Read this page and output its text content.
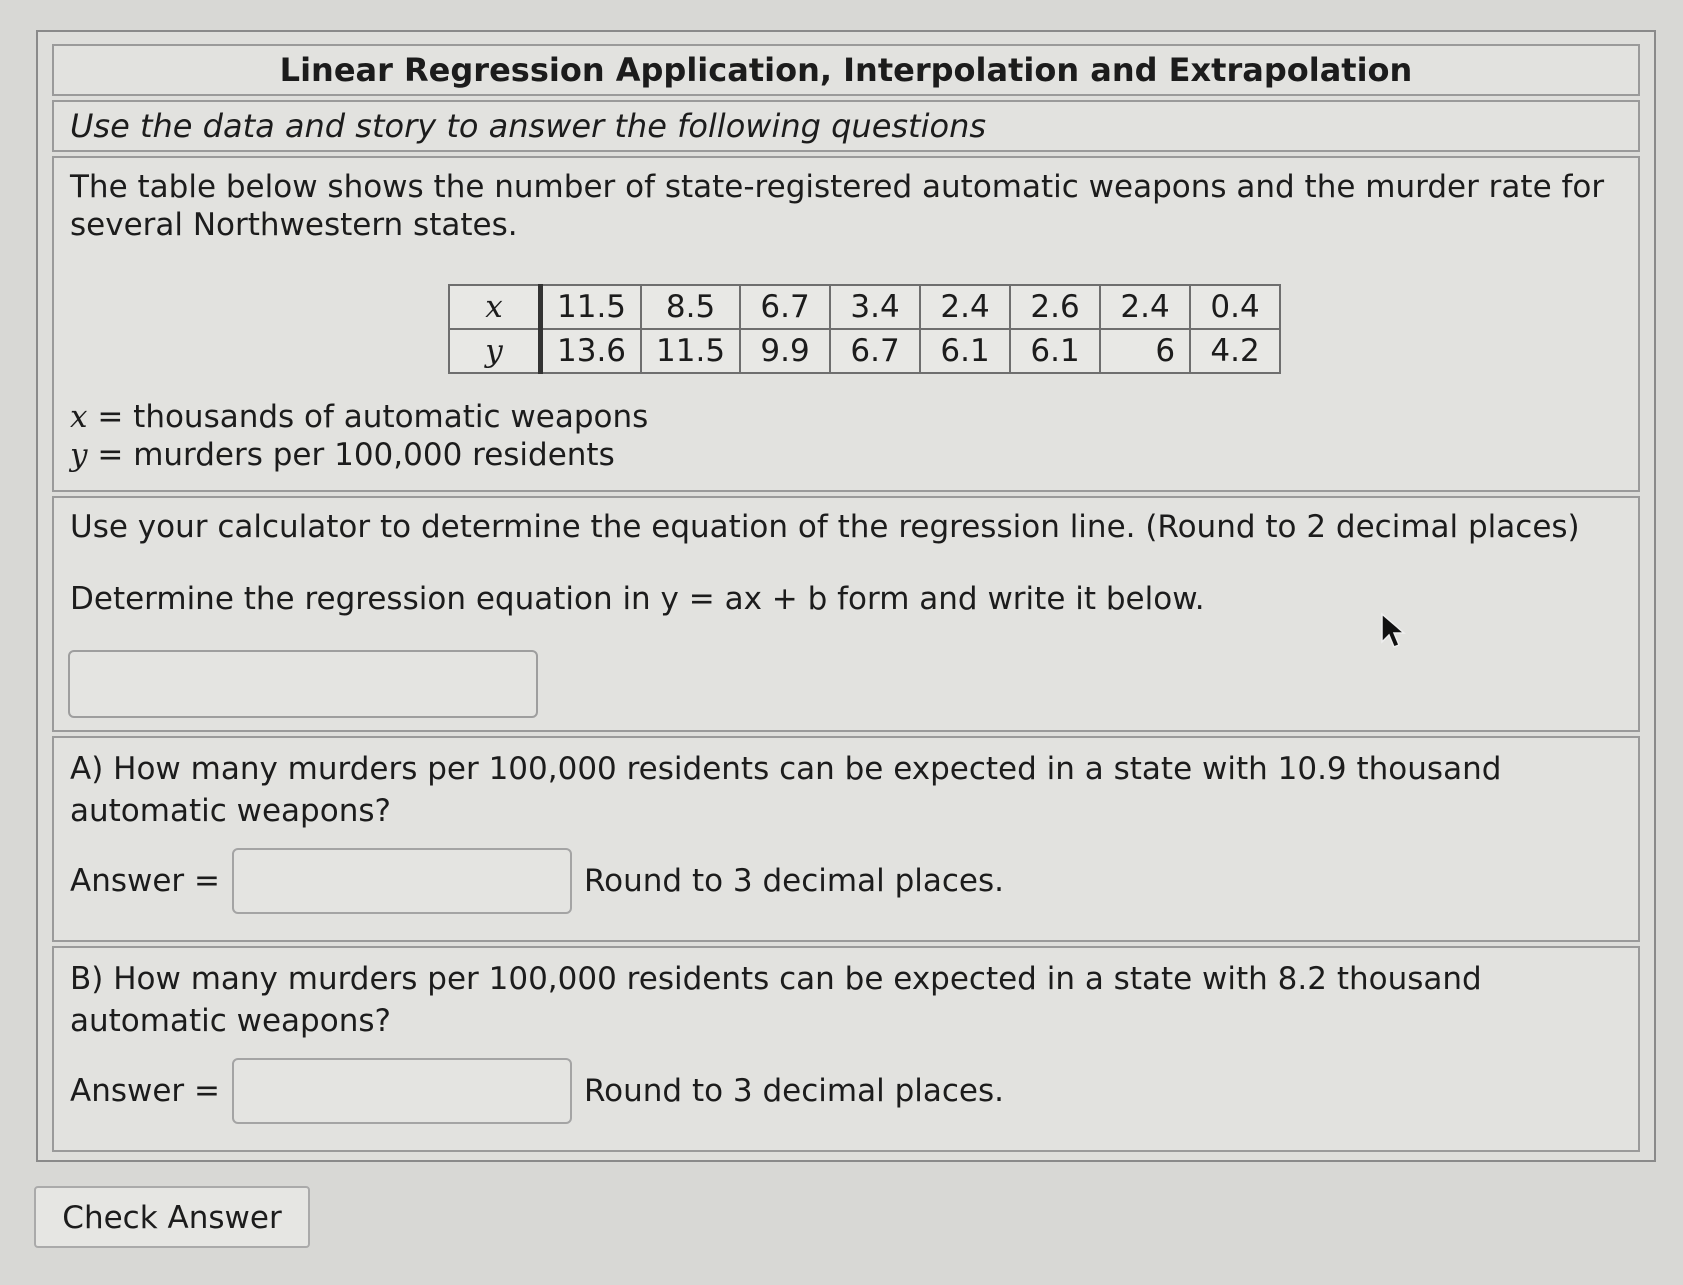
Linear Regression Application, Interpolation and Extrapolation
Use the data and story to answer the following questions

The table below shows the number of state-registered automatic weapons and the murder rate for several Northwestern states.

x	11.5	8.5	6.7	3.4	2.4	2.6	2.4	0.4
y	13.6	11.5	9.9	6.7	6.1	6.1	6	4.2

x = thousands of automatic weapons

y = murders per 100,000 residents

Use your calculator to determine the equation of the regression line. (Round to 2 decimal places)

Determine the regression equation in y = ax + b form and write it below.

A) How many murders per 100,000 residents can be expected in a state with 10.9 thousand automatic weapons?

Answer =	Round to 3 decimal places.

B) How many murders per 100,000 residents can be expected in a state with 8.2 thousand automatic weapons?

Answer =	Round to 3 decimal places.
Check Answer
